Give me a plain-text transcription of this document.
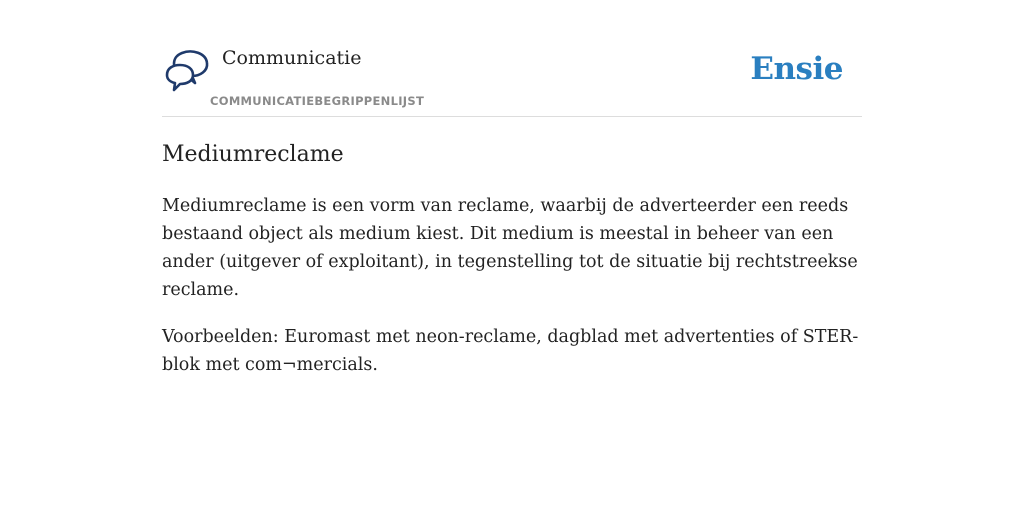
Communicatie
COMMUNICATIEBEGRIPPENLIJST
Ensie
Mediumreclame

Mediumreclame is een vorm van reclame, waarbij de adverteerder een reeds bestaand object als medium kiest. Dit medium is meestal in beheer van een ander (uitgever of exploitant), in tegenstelling tot de situatie bij rechtstreekse reclame.

Voorbeelden: Euromast met neon-reclame, dagblad met advertenties of STER-blok met com¬mercials.
